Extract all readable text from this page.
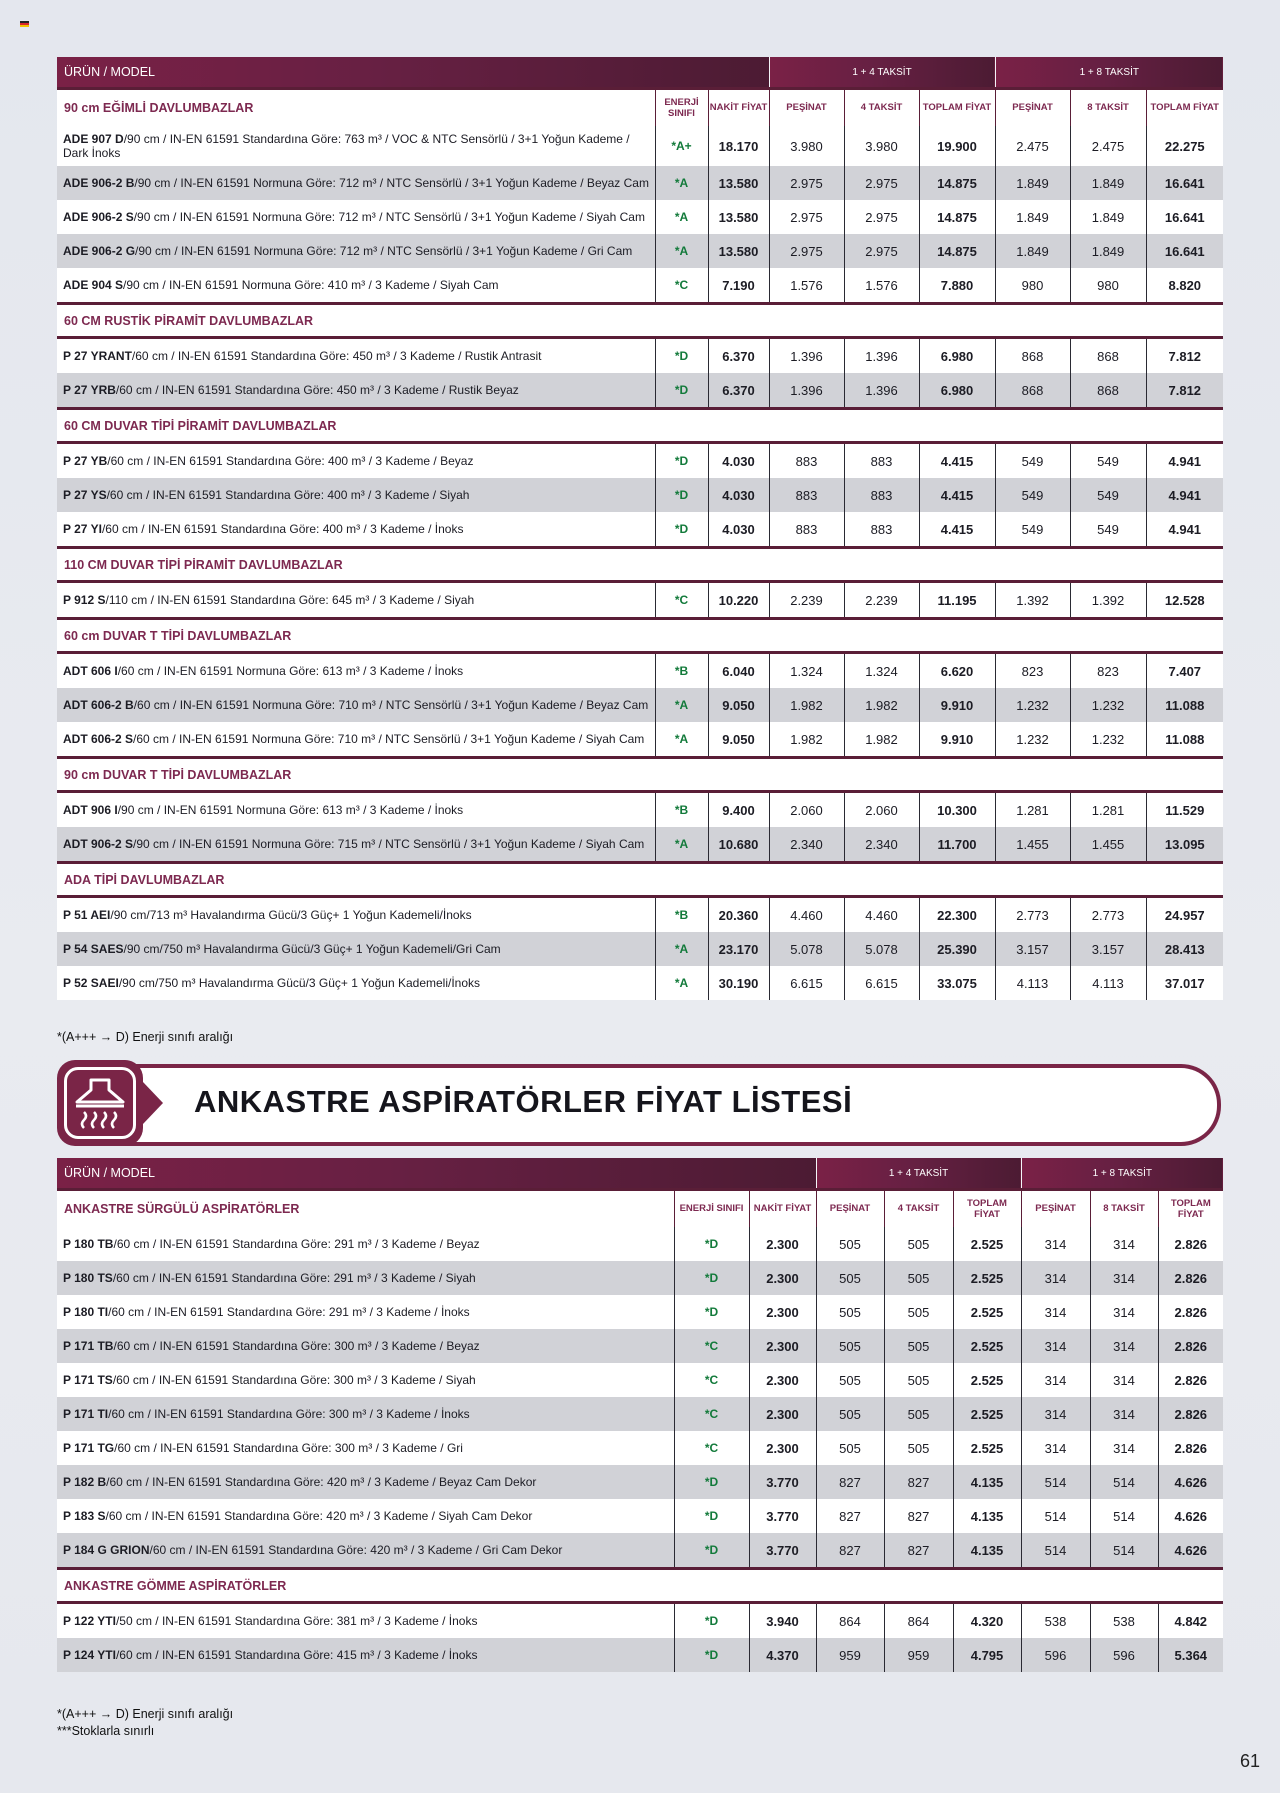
ÜRÜN / MODEL			1 + 4 TAKSİT			1 + 8 TAKSİT		
90 cm EĞİMLİ DAVLUMBAZLAR	ENERJİ SINIFI	NAKİT FİYAT	PEŞİNAT	4 TAKSİT	TOPLAM FİYAT	PEŞİNAT	8 TAKSİT	TOPLAM FİYAT
ADE 907 D/90 cm / IN-EN 61591 Standardına Göre: 763 m³ / VOC & NTC Sensörlü / 3+1 Yoğun Kademe / Dark İnoks	*A+	18.170	3.980	3.980	19.900	2.475	2.475	22.275
ADE 906-2 B/90 cm / IN-EN 61591 Normuna Göre: 712 m³ / NTC Sensörlü / 3+1 Yoğun Kademe / Beyaz Cam	*A	13.580	2.975	2.975	14.875	1.849	1.849	16.641
ADE 906-2 S/90 cm / IN-EN 61591 Normuna Göre: 712 m³ / NTC Sensörlü / 3+1 Yoğun Kademe / Siyah Cam	*A	13.580	2.975	2.975	14.875	1.849	1.849	16.641
ADE 906-2 G/90 cm / IN-EN 61591 Normuna Göre: 712 m³ / NTC Sensörlü / 3+1 Yoğun Kademe / Gri Cam	*A	13.580	2.975	2.975	14.875	1.849	1.849	16.641
ADE 904 S/90 cm / IN-EN 61591 Normuna Göre: 410 m³ / 3 Kademe / Siyah Cam	*C	7.190	1.576	1.576	7.880	980	980	8.820
60 CM RUSTİK PİRAMİT DAVLUMBAZLAR								
P 27 YRANT/60 cm / IN-EN 61591 Standardına Göre: 450 m³ / 3 Kademe / Rustik Antrasit	*D	6.370	1.396	1.396	6.980	868	868	7.812
P 27 YRB/60 cm / IN-EN 61591 Standardına Göre: 450 m³ / 3 Kademe / Rustik Beyaz	*D	6.370	1.396	1.396	6.980	868	868	7.812
60 CM DUVAR TİPİ PİRAMİT DAVLUMBAZLAR								
P 27 YB/60 cm / IN-EN 61591 Standardına Göre: 400 m³ / 3 Kademe / Beyaz	*D	4.030	883	883	4.415	549	549	4.941
P 27 YS/60 cm / IN-EN 61591 Standardına Göre: 400 m³ / 3 Kademe / Siyah	*D	4.030	883	883	4.415	549	549	4.941
P 27 YI/60 cm / IN-EN 61591 Standardına Göre: 400 m³ / 3 Kademe / İnoks	*D	4.030	883	883	4.415	549	549	4.941
110 CM DUVAR TİPİ PİRAMİT DAVLUMBAZLAR								
P 912 S/110 cm / IN-EN 61591 Standardına Göre: 645 m³ / 3 Kademe / Siyah	*C	10.220	2.239	2.239	11.195	1.392	1.392	12.528
60 cm DUVAR T TİPİ DAVLUMBAZLAR								
ADT 606 I/60 cm / IN-EN 61591 Normuna Göre: 613 m³ / 3 Kademe / İnoks	*B	6.040	1.324	1.324	6.620	823	823	7.407
ADT 606-2 B/60 cm / IN-EN 61591 Normuna Göre: 710 m³ / NTC Sensörlü / 3+1 Yoğun Kademe / Beyaz Cam	*A	9.050	1.982	1.982	9.910	1.232	1.232	11.088
ADT 606-2 S/60 cm / IN-EN 61591 Normuna Göre: 710 m³ / NTC Sensörlü / 3+1 Yoğun Kademe / Siyah Cam	*A	9.050	1.982	1.982	9.910	1.232	1.232	11.088
90 cm DUVAR T TİPİ DAVLUMBAZLAR								
ADT 906 I/90 cm / IN-EN 61591 Normuna Göre: 613 m³ / 3 Kademe / İnoks	*B	9.400	2.060	2.060	10.300	1.281	1.281	11.529
ADT 906-2 S/90 cm / IN-EN 61591 Normuna Göre: 715 m³ / NTC Sensörlü / 3+1 Yoğun Kademe / Siyah Cam	*A	10.680	2.340	2.340	11.700	1.455	1.455	13.095
ADA TİPİ DAVLUMBAZLAR								
P 51 AEI/90 cm/713 m³ Havalandırma Gücü/3 Güç+ 1 Yoğun Kademeli/İnoks	*B	20.360	4.460	4.460	22.300	2.773	2.773	24.957
P 54 SAES/90 cm/750 m³ Havalandırma Gücü/3 Güç+ 1 Yoğun Kademeli/Gri Cam	*A	23.170	5.078	5.078	25.390	3.157	3.157	28.413
P 52 SAEI/90 cm/750 m³ Havalandırma Gücü/3 Güç+ 1 Yoğun Kademeli/İnoks	*A	30.190	6.615	6.615	33.075	4.113	4.113	37.017
*(A+++ → D) Enerji sınıfı aralığı
ANKASTRE ASPİRATÖRLER FİYAT LİSTESİ
ÜRÜN / MODEL			1 + 4 TAKSİT			1 + 8 TAKSİT		
ANKASTRE SÜRGÜLÜ ASPİRATÖRLER	ENERJİ SINIFI	NAKİT FİYAT	PEŞİNAT	4 TAKSİT	TOPLAM FİYAT	PEŞİNAT	8 TAKSİT	TOPLAM FİYAT
P 180 TB/60 cm / IN-EN 61591 Standardına Göre: 291 m³ / 3 Kademe / Beyaz	*D	2.300	505	505	2.525	314	314	2.826
P 180 TS/60 cm / IN-EN 61591 Standardına Göre: 291 m³ / 3 Kademe / Siyah	*D	2.300	505	505	2.525	314	314	2.826
P 180 TI/60 cm / IN-EN 61591 Standardına Göre: 291 m³ / 3 Kademe / İnoks	*D	2.300	505	505	2.525	314	314	2.826
P 171 TB/60 cm / IN-EN 61591 Standardına Göre: 300 m³ / 3 Kademe / Beyaz	*C	2.300	505	505	2.525	314	314	2.826
P 171 TS/60 cm / IN-EN 61591 Standardına Göre: 300 m³ / 3 Kademe / Siyah	*C	2.300	505	505	2.525	314	314	2.826
P 171 TI/60 cm / IN-EN 61591 Standardına Göre: 300 m³ / 3 Kademe / İnoks	*C	2.300	505	505	2.525	314	314	2.826
P 171 TG/60 cm / IN-EN 61591 Standardına Göre: 300 m³ / 3 Kademe / Gri	*C	2.300	505	505	2.525	314	314	2.826
P 182 B/60 cm / IN-EN 61591 Standardına Göre: 420 m³ / 3 Kademe / Beyaz Cam Dekor	*D	3.770	827	827	4.135	514	514	4.626
P 183 S/60 cm / IN-EN 61591 Standardına Göre: 420 m³ / 3 Kademe / Siyah Cam Dekor	*D	3.770	827	827	4.135	514	514	4.626
P 184 G GRION/60 cm / IN-EN 61591 Standardına Göre: 420 m³ / 3 Kademe / Gri Cam Dekor	*D	3.770	827	827	4.135	514	514	4.626
ANKASTRE GÖMME ASPİRATÖRLER								
P 122 YTI/50 cm / IN-EN 61591 Standardına Göre: 381 m³ / 3 Kademe / İnoks	*D	3.940	864	864	4.320	538	538	4.842
P 124 YTI/60 cm / IN-EN 61591 Standardına Göre: 415 m³ / 3 Kademe / İnoks	*D	4.370	959	959	4.795	596	596	5.364
*(A+++ → D) Enerji sınıfı aralığı
***Stoklarla sınırlı
61
